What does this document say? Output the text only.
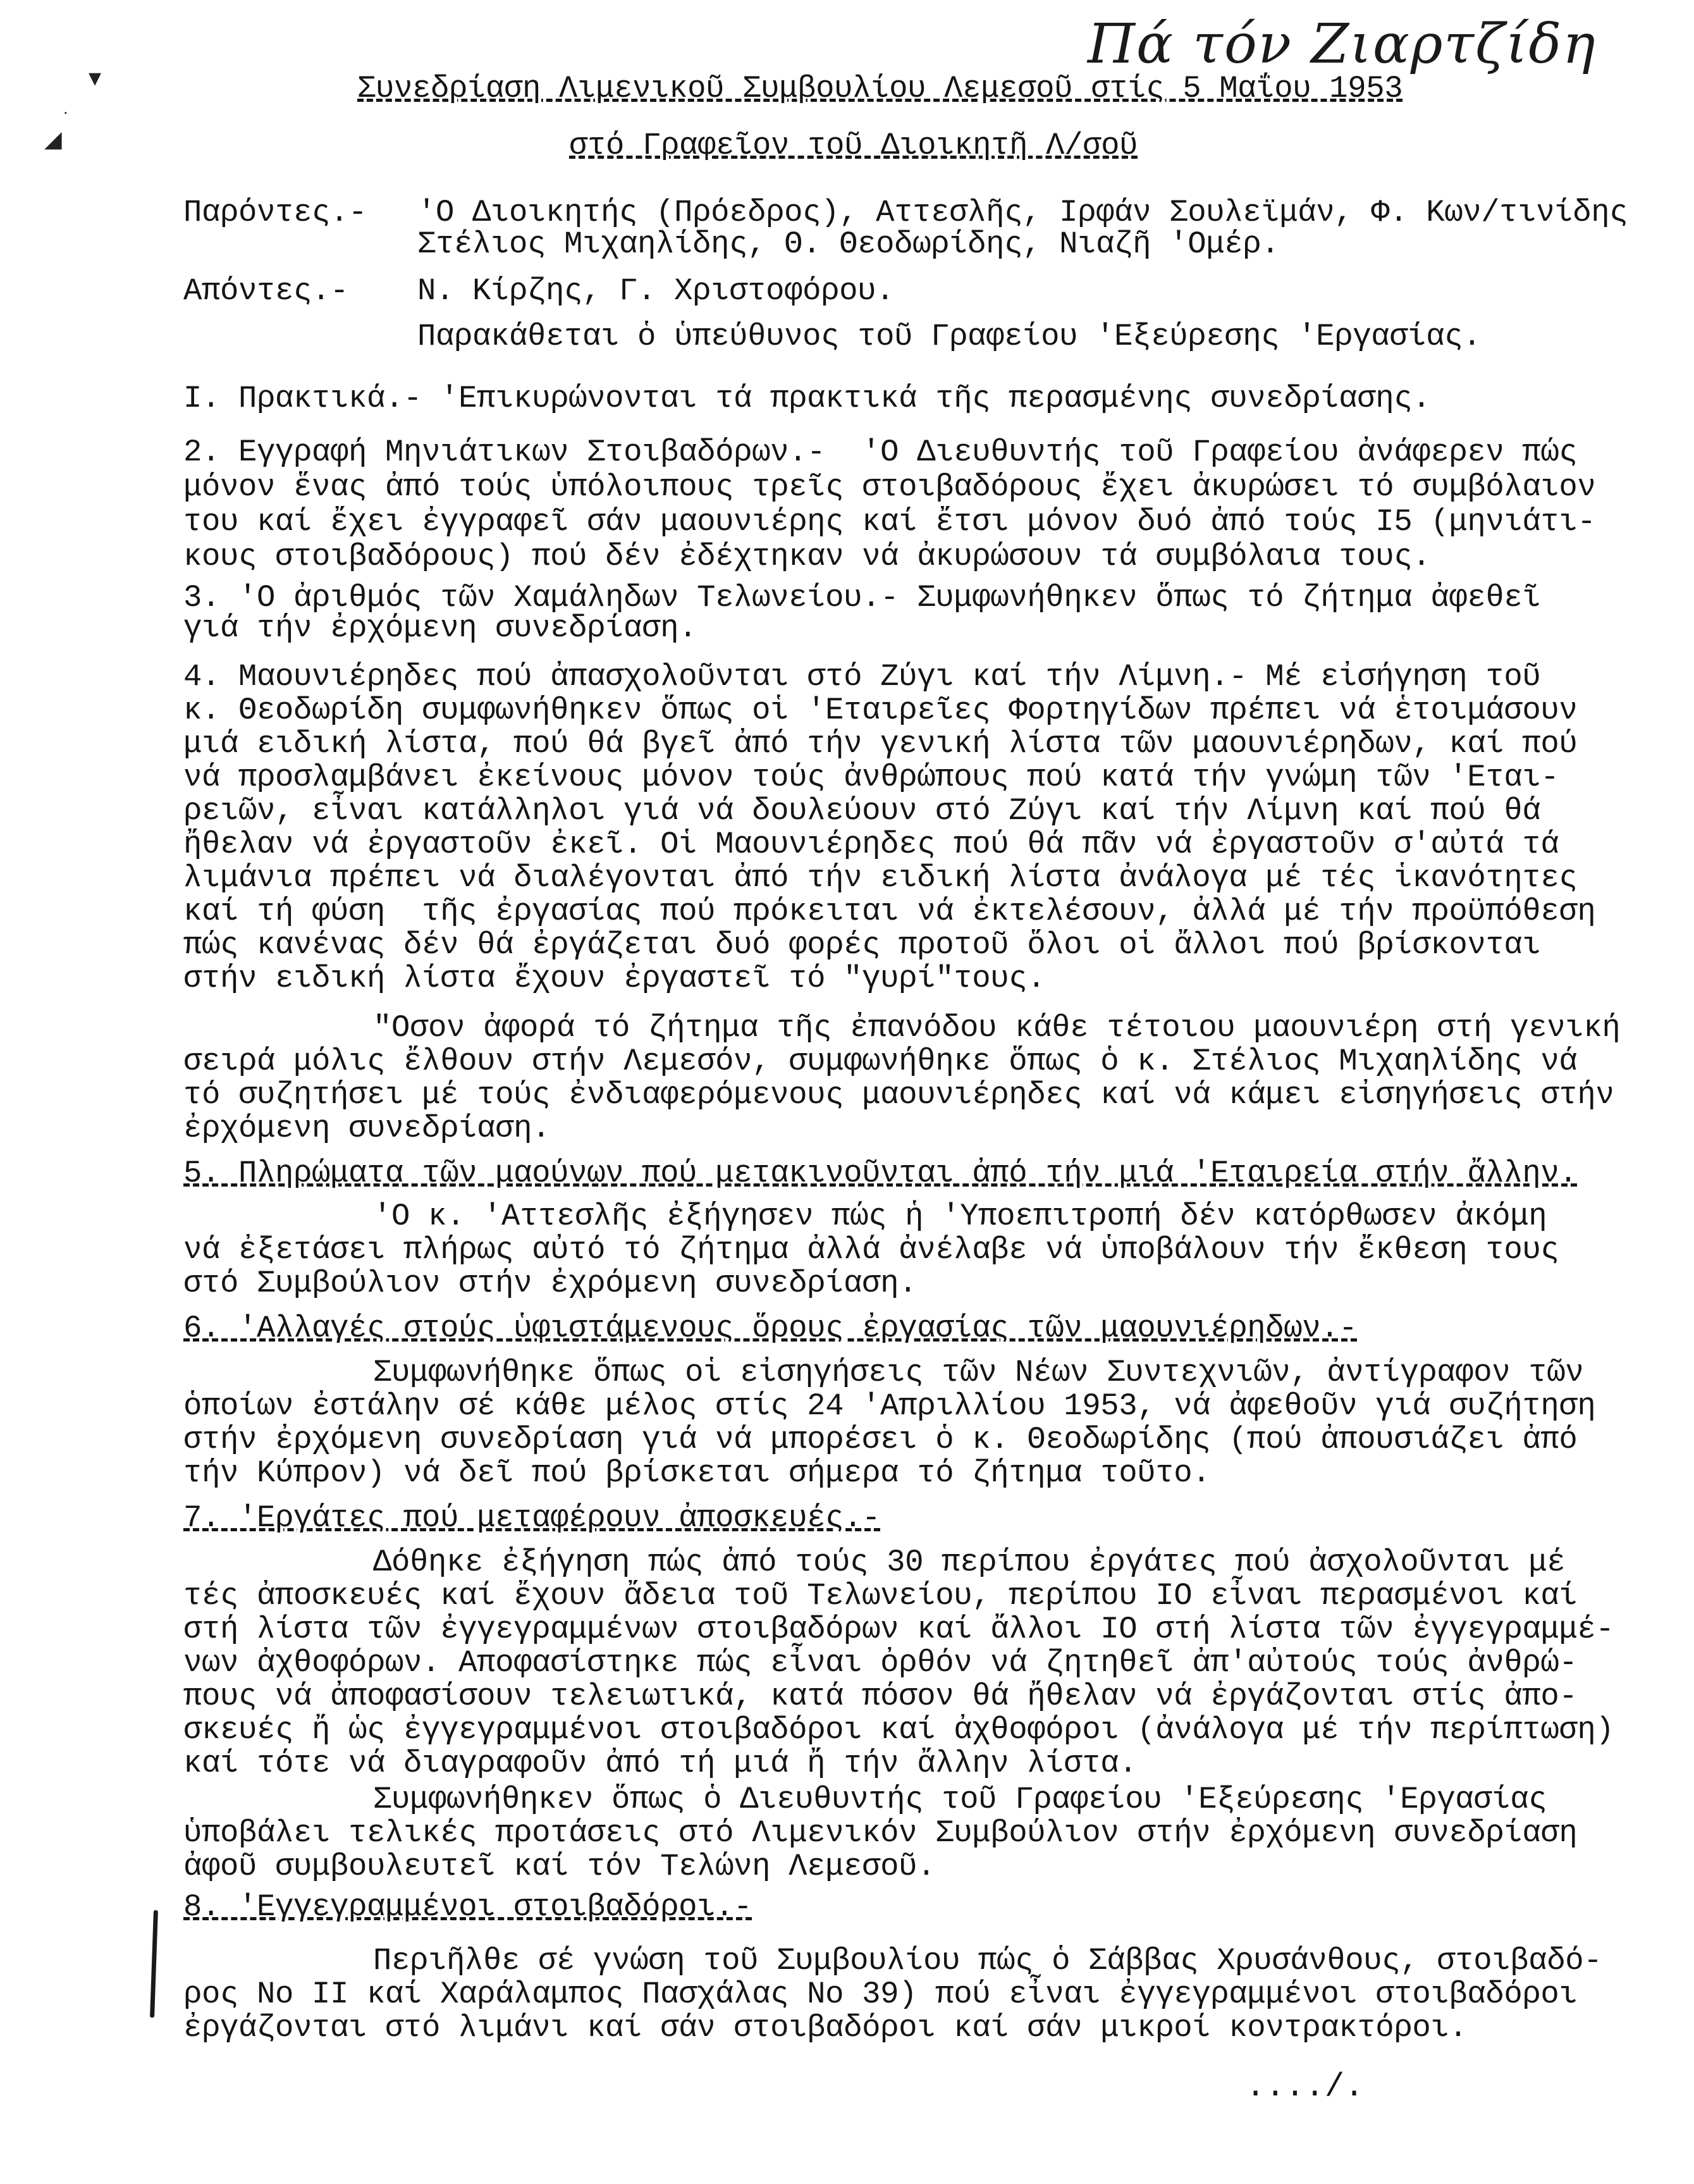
Πά τόν Ζιαρτζίδη
▾
·
◢
Συνεδρίαση Λιμενικοῦ Συμβουλίου Λεμεσοῦ στίς 5 Μαΐου 1953
στό Γραφεῖον τοῦ Διοικητῆ Λ/σοῦ
Παρόντες.-	'Ο Διοικητής (Πρόεδρος), Αττεσλῆς, Ιρφάν Σουλεϊμάν, Φ. Κων/τινίδης
Στέλιος Μιχαηλίδης, Θ. Θεοδωρίδης, Νιαζῆ 'Ομέρ.
Απόντες.-	Ν. Κίρζης, Γ. Χριστοφόρου.
Παρακάθεται ὁ ὑπεύθυνος τοῦ Γραφείου 'Εξεύρεσης 'Εργασίας.
Ι. Πρακτικά.- 'Επικυρώνονται τά πρακτικά τῆς περασμένης συνεδρίασης.
2. Εγγραφή Μηνιάτικων Στοιβαδόρων.-  'Ο Διευθυντής τοῦ Γραφείου ἀνάφερεν πώς
μόνον ἕνας ἀπό τούς ὑπόλοιπους τρεῖς στοιβαδόρους ἔχει ἀκυρώσει τό συμβόλαιον
του καί ἔχει ἐγγραφεῖ σάν μαουνιέρης καί ἔτσι μόνον δυό ἀπό τούς Ι5 (μηνιάτι-
κους στοιβαδόρους) πού δέν ἐδέχτηκαν νά ἀκυρώσουν τά συμβόλαια τους.
3. 'Ο ἀριθμός τῶν Χαμάληδων Τελωνείου.- Συμφωνήθηκεν ὅπως τό ζήτημα ἀφεθεῖ
γιά τήν ἐρχόμενη συνεδρίαση.
4. Μαουνιέρηδες πού ἀπασχολοῦνται στό Ζύγι καί τήν Λίμνη.- Μέ εἰσήγηση τοῦ
κ. Θεοδωρίδη συμφωνήθηκεν ὅπως οἱ 'Εταιρεῖες Φορτηγίδων πρέπει νά ἑτοιμάσουν
μιά ειδική λίστα, πού θά βγεῖ ἀπό τήν γενική λίστα τῶν μαουνιέρηδων, καί πού
νά προσλαμβάνει ἐκείνους μόνον τούς ἀνθρώπους πού κατά τήν γνώμη τῶν 'Εται-
ρειῶν, εἶναι κατάλληλοι γιά νά δουλεύουν στό Ζύγι καί τήν Λίμνη καί πού θά
ἤθελαν νά ἐργαστοῦν ἐκεῖ. Οἱ Μαουνιέρηδες πού θά πᾶν νά ἐργαστοῦν σ'αὐτά τά
λιμάνια πρέπει νά διαλέγονται ἀπό τήν ειδική λίστα ἀνάλογα μέ τές ἱκανότητες
καί τή φύση  τῆς ἐργασίας πού πρόκειται νά ἐκτελέσουν, ἀλλά μέ τήν προϋπόθεση
πώς κανένας δέν θά ἐργάζεται δυό φορές προτοῦ ὅλοι οἱ ἄλλοι πού βρίσκονται
στήν ειδική λίστα ἔχουν ἐργαστεῖ τό "γυρί"τους.
"Οσον ἀφορά τό ζήτημα τῆς ἐπανόδου κάθε τέτοιου μαουνιέρη στή γενική
σειρά μόλις ἔλθουν στήν Λεμεσόν, συμφωνήθηκε ὅπως ὁ κ. Στέλιος Μιχαηλίδης νά
τό συζητήσει μέ τούς ἐνδιαφερόμενους μαουνιέρηδες καί νά κάμει εἰσηγήσεις στήν
ἐρχόμενη συνεδρίαση.
5. Πληρώματα τῶν μαούνων πού μετακινοῦνται ἀπό τήν μιά 'Εταιρεία στήν ἄλλην.
'Ο κ. 'Αττεσλῆς ἐξήγησεν πώς ἡ 'Υποεπιτροπή δέν κατόρθωσεν ἀκόμη
νά ἐξετάσει πλήρως αὐτό τό ζήτημα ἀλλά ἀνέλαβε νά ὑποβάλουν τήν ἔκθεση τους
στό Συμβούλιον στήν ἐχρόμενη συνεδρίαση.
6. 'Αλλαγές στούς ὑφιστάμενους ὅρους ἐργασίας τῶν μαουνιέρηδων.-
Συμφωνήθηκε ὅπως οἱ εἰσηγήσεις τῶν Νέων Συντεχνιῶν, ἀντίγραφον τῶν
ὁποίων ἐστάλην σέ κάθε μέλος στίς 24 'Απριλλίου 1953, νά ἀφεθοῦν γιά συζήτηση
στήν ἐρχόμενη συνεδρίαση γιά νά μπορέσει ὁ κ. Θεοδωρίδης (πού ἀπουσιάζει ἀπό
τήν Κύπρον) νά δεῖ πού βρίσκεται σήμερα τό ζήτημα τοῦτο.
7. 'Εργάτες πού μεταφέρουν ἀποσκευές.-
Δόθηκε ἐξήγηση πώς ἀπό τούς 30 περίπου ἐργάτες πού ἀσχολοῦνται μέ
τές ἀποσκευές καί ἔχουν ἄδεια τοῦ Τελωνείου, περίπου ΙΟ εἶναι περασμένοι καί
στή λίστα τῶν ἐγγεγραμμένων στοιβαδόρων καί ἄλλοι ΙΟ στή λίστα τῶν ἐγγεγραμμέ-
νων ἀχθοφόρων. Αποφασίστηκε πώς εἶναι ὀρθόν νά ζητηθεῖ ἀπ'αὐτούς τούς ἀνθρώ-
πους νά ἀποφασίσουν τελειωτικά, κατά πόσον θά ἤθελαν νά ἐργάζονται στίς ἀπο-
σκευές ἤ ὡς ἐγγεγραμμένοι στοιβαδόροι καί ἀχθοφόροι (ἀνάλογα μέ τήν περίπτωση)
καί τότε νά διαγραφοῦν ἀπό τή μιά ἤ τήν ἄλλην λίστα.
Συμφωνήθηκεν ὅπως ὁ Διευθυντής τοῦ Γραφείου 'Εξεύρεσης 'Εργασίας
ὑποβάλει τελικές προτάσεις στό Λιμενικόν Συμβούλιον στήν ἐρχόμενη συνεδρίαση
ἀφοῦ συμβουλευτεῖ καί τόν Τελώνη Λεμεσοῦ.
8. 'Εγγεγραμμένοι στοιβαδόροι.-
Περιῆλθε σέ γνώση τοῦ Συμβουλίου πώς ὁ Σάββας Χρυσάνθους, στοιβαδό-
ρος Νο ΙΙ καί Χαράλαμπος Πασχάλας Νο 39) πού εἶναι ἐγγεγραμμένοι στοιβαδόροι
ἐργάζονται στό λιμάνι καί σάν στοιβαδόροι καί σάν μικροί κοντρακτόροι.
..../.
